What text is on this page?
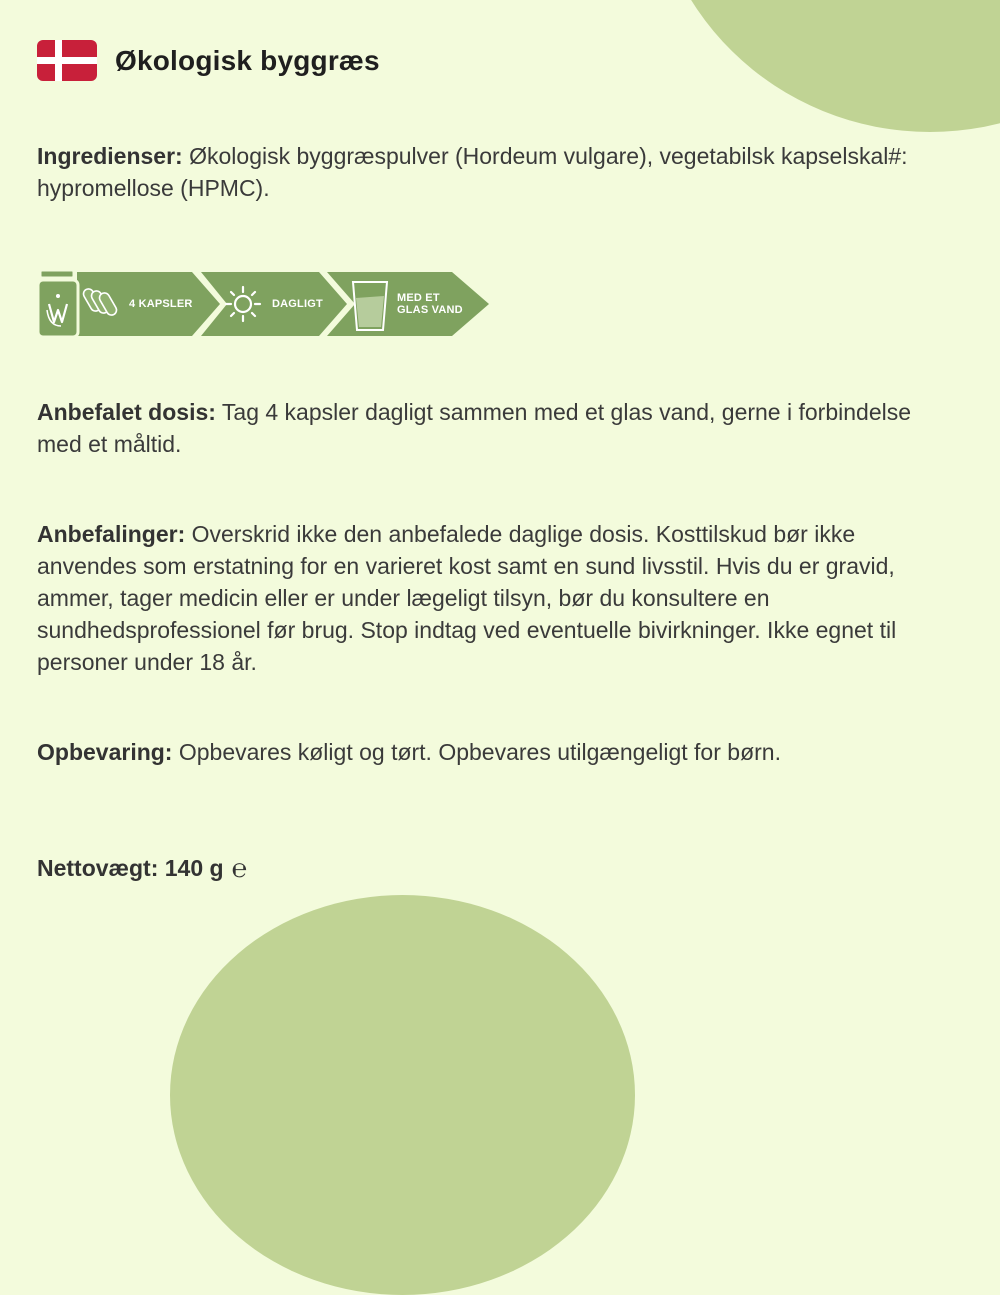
Økologisk byggræs
Ingredienser: Økologisk byggræspulver (Hordeum vulgare), vegetabilsk kapselskal#: hypromellose (HPMC).
4 KAPSLER	DAGLIGT	MED ET GLAS VAND
Anbefalet dosis: Tag 4 kapsler dagligt sammen med et glas vand, gerne i forbindelse med et måltid.
Anbefalinger: Overskrid ikke den anbefalede daglige dosis. Kosttilskud bør ikke anvendes som erstatning for en varieret kost samt en sund livsstil. Hvis du er gravid, ammer, tager medicin eller er under lægeligt tilsyn, bør du konsultere en sundhedsprofessionel før brug. Stop indtag ved eventuelle bivirkninger. Ikke egnet til personer under 18 år.
Opbevaring: Opbevares køligt og tørt. Opbevares utilgængeligt for børn.
Nettovægt: 140 g ℮
